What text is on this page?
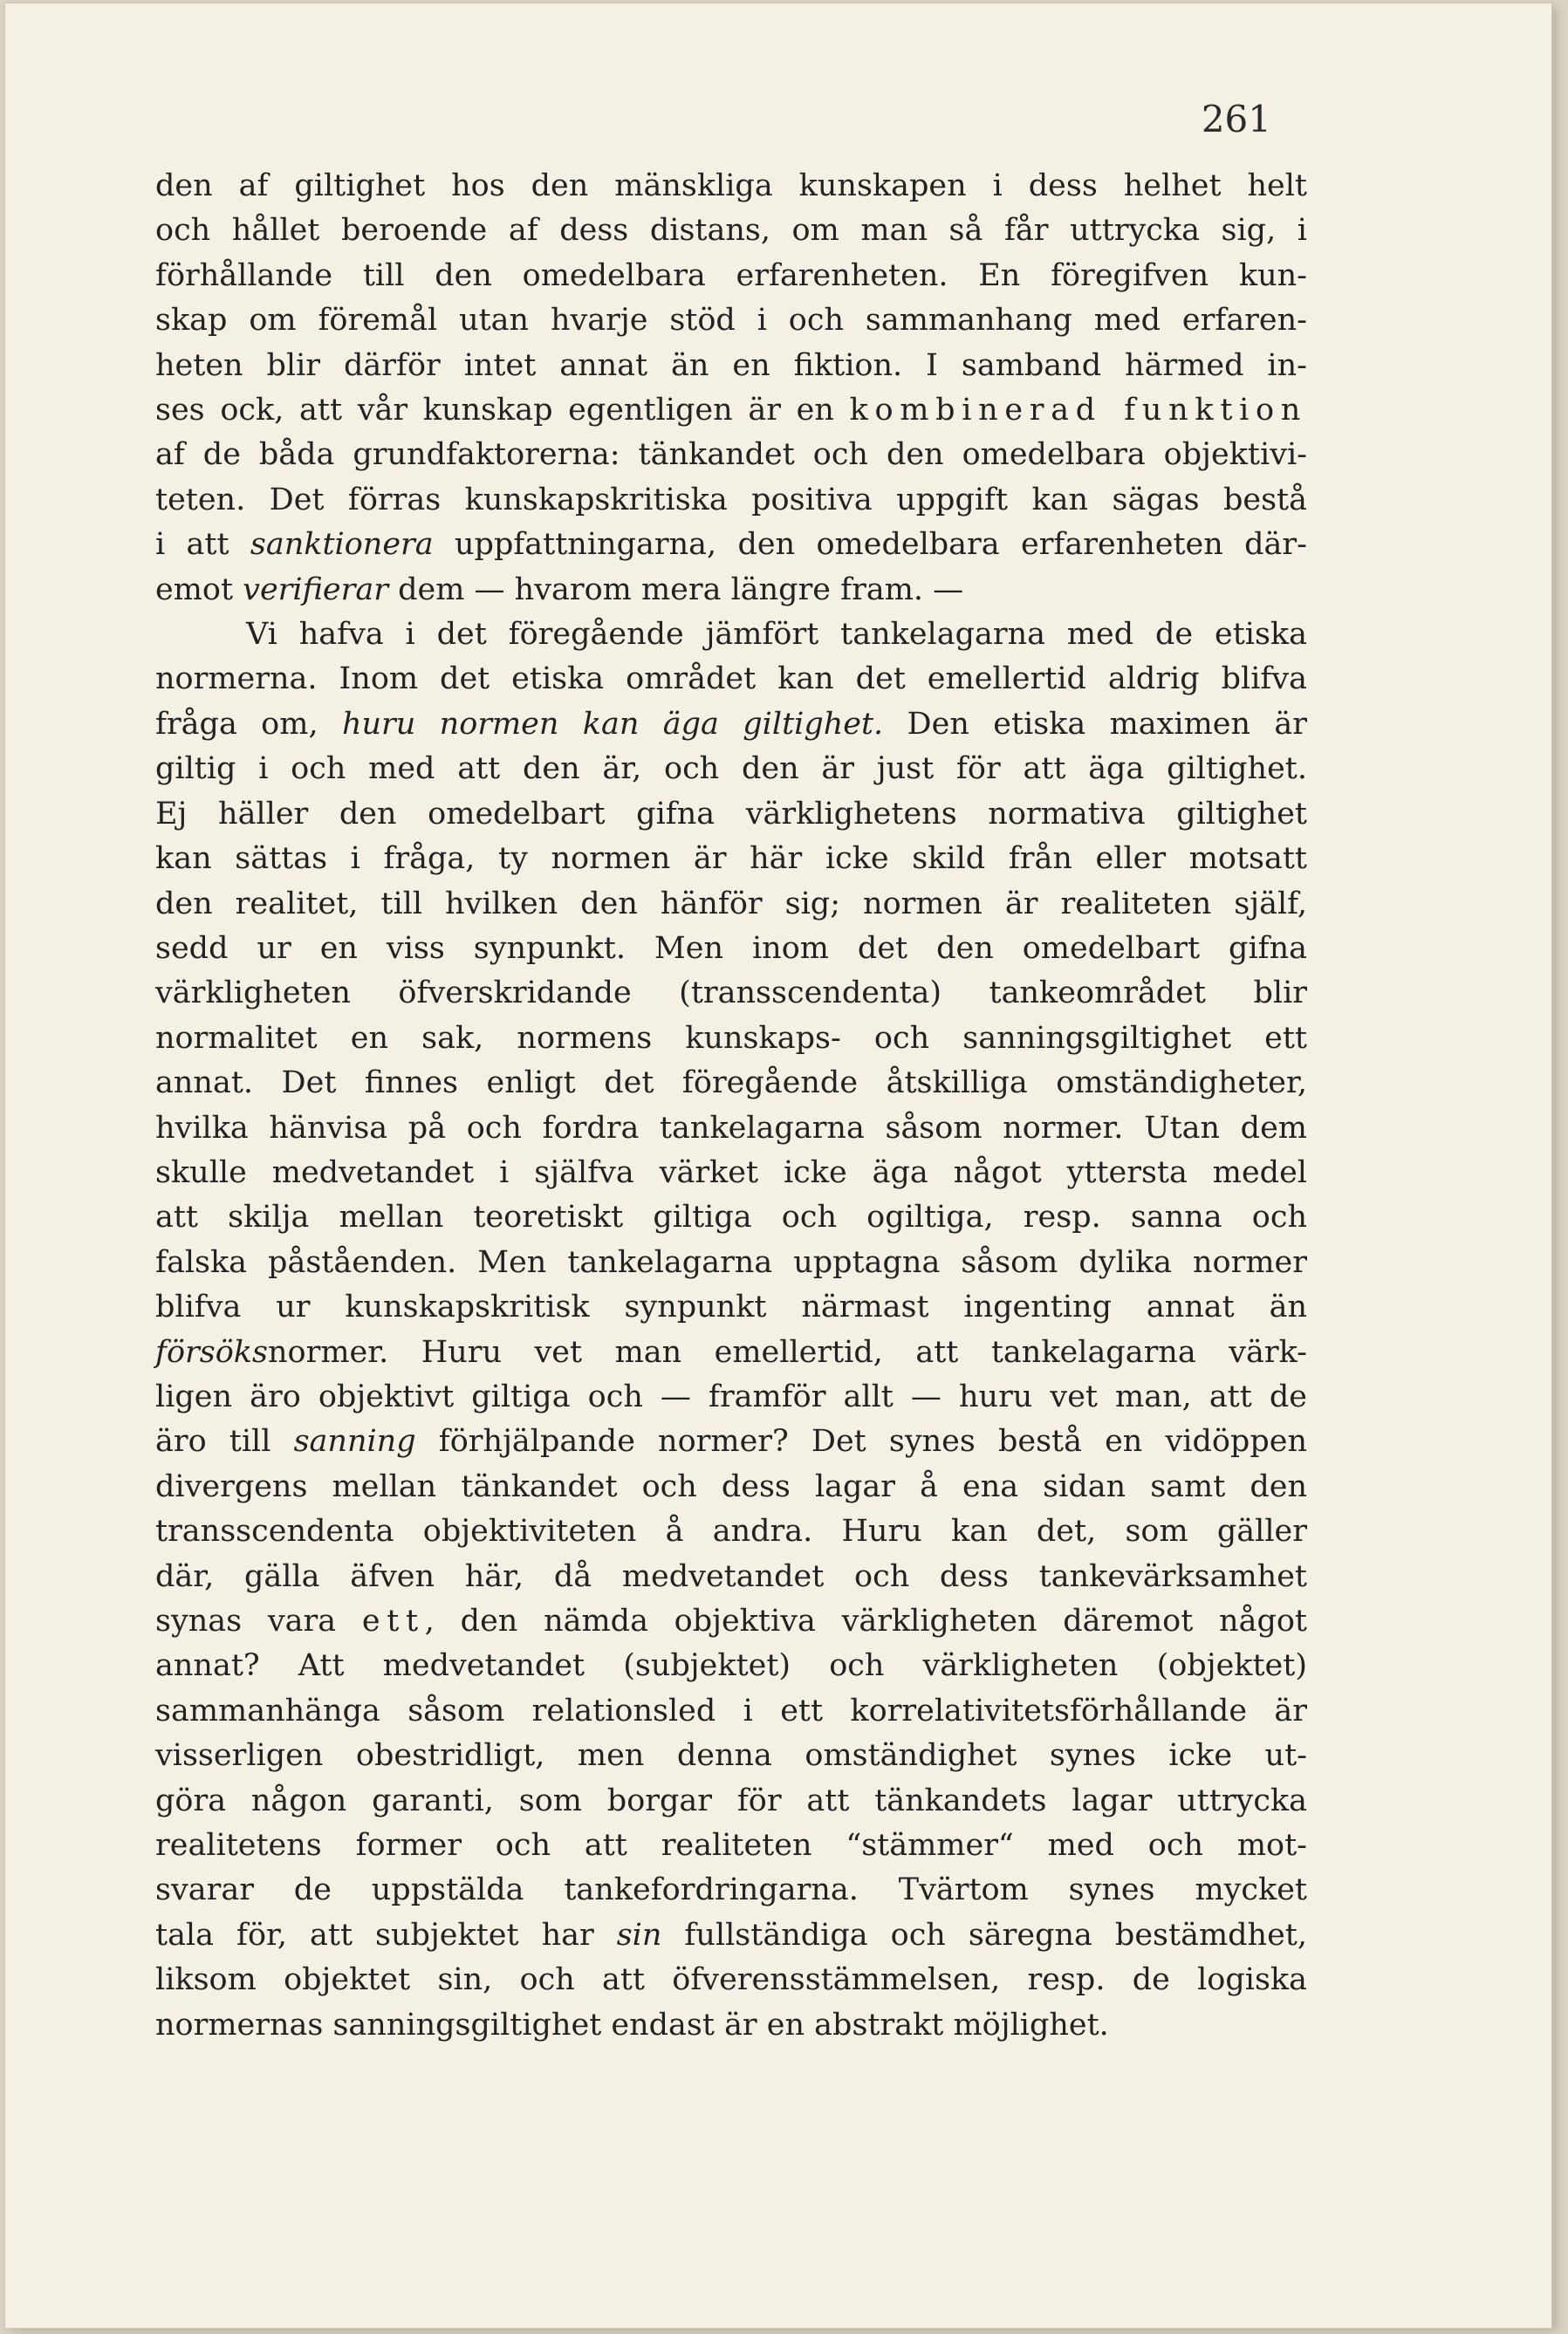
261
den af giltighet hos den mänskliga kunskapen i dess helhet helt
och hållet beroende af dess distans, om man så får uttrycka sig, i
förhållande till den omedelbara erfarenheten. En föregifven kun-
skap om föremål utan hvarje stöd i och sammanhang med erfaren-
heten blir därför intet annat än en fiktion. I samband härmed in-
ses ock, att vår kunskap egentligen är en kombinerad funktion
af de båda grundfaktorerna: tänkandet och den omedelbara objektivi-
teten. Det förras kunskapskritiska positiva uppgift kan sägas bestå
i att sanktionera uppfattningarna, den omedelbara erfarenheten där-
emot verifierar dem — hvarom mera längre fram. —
Vi hafva i det föregående jämfört tankelagarna med de etiska
normerna. Inom det etiska området kan det emellertid aldrig blifva
fråga om, huru normen kan äga giltighet. Den etiska maximen är
giltig i och med att den är, och den är just för att äga giltighet.
Ej häller den omedelbart gifna värklighetens normativa giltighet
kan sättas i fråga, ty normen är här icke skild från eller motsatt
den realitet, till hvilken den hänför sig; normen är realiteten själf,
sedd ur en viss synpunkt. Men inom det den omedelbart gifna
värkligheten öfverskridande (transscendenta) tankeområdet blir
normalitet en sak, normens kunskaps- och sanningsgiltighet ett
annat. Det finnes enligt det föregående åtskilliga omständigheter,
hvilka hänvisa på och fordra tankelagarna såsom normer. Utan dem
skulle medvetandet i själfva värket icke äga något yttersta medel
att skilja mellan teoretiskt giltiga och ogiltiga, resp. sanna och
falska påståenden. Men tankelagarna upptagna såsom dylika normer
blifva ur kunskapskritisk synpunkt närmast ingenting annat än
försöksnormer. Huru vet man emellertid, att tankelagarna värk-
ligen äro objektivt giltiga och — framför allt — huru vet man, att de
äro till sanning förhjälpande normer? Det synes bestå en vidöppen
divergens mellan tänkandet och dess lagar å ena sidan samt den
transscendenta objektiviteten å andra. Huru kan det, som gäller
där, gälla äfven här, då medvetandet och dess tankevärksamhet
synas vara ett, den nämda objektiva värkligheten däremot något
annat? Att medvetandet (subjektet) och värkligheten (objektet)
sammanhänga såsom relationsled i ett korrelativitetsförhållande är
visserligen obestridligt, men denna omständighet synes icke ut-
göra någon garanti, som borgar för att tänkandets lagar uttrycka
realitetens former och att realiteten “stämmer“ med och mot-
svarar de uppstälda tankefordringarna. Tvärtom synes mycket
tala för, att subjektet har sin fullständiga och säregna bestämdhet,
liksom objektet sin, och att öfverensstämmelsen, resp. de logiska
normernas sanningsgiltighet endast är en abstrakt möjlighet.
